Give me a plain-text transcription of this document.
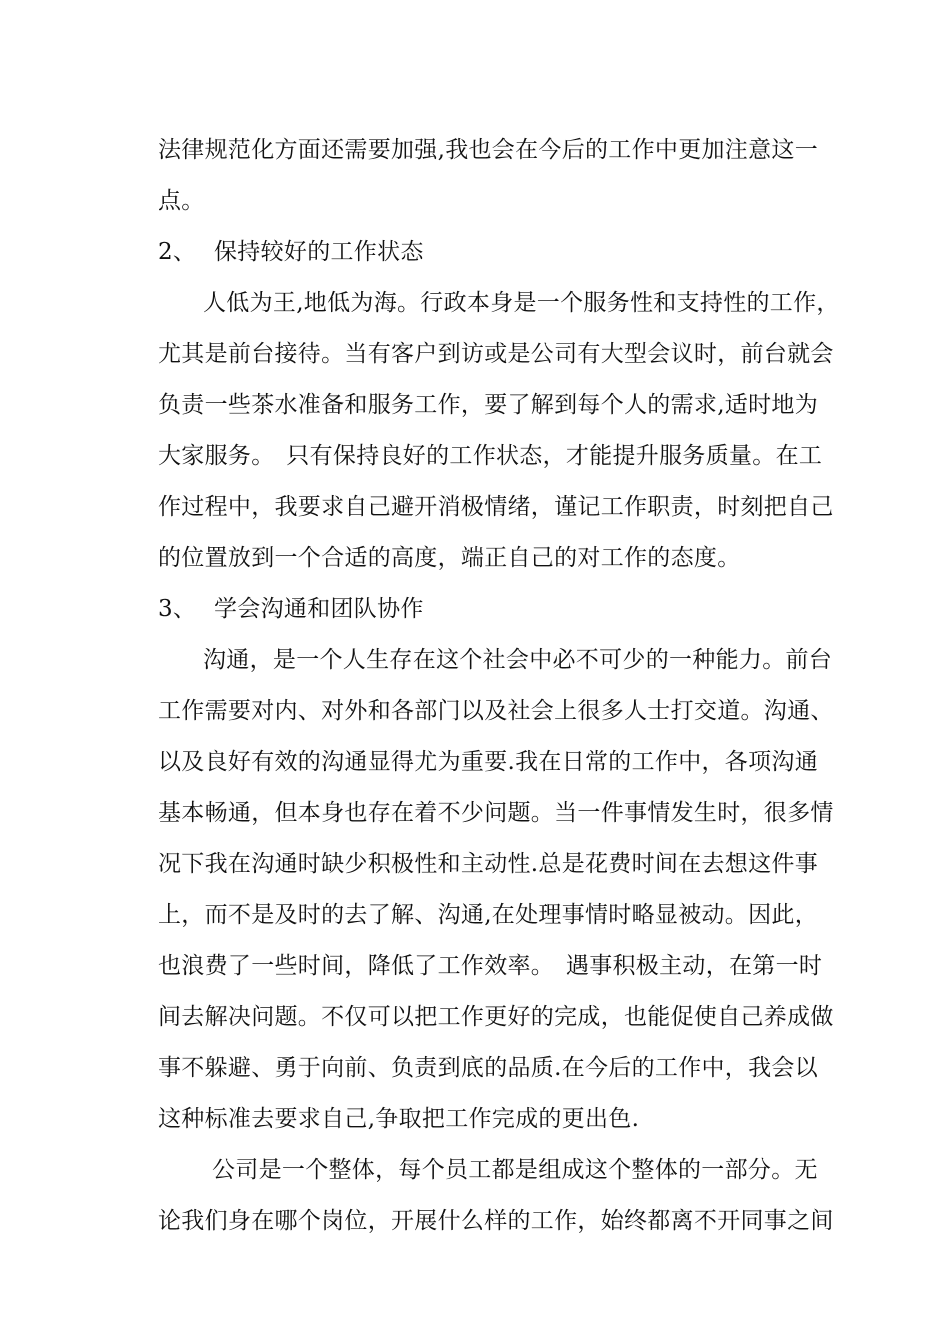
法律规范化方面还需要加强,我也会在今后的工作中更加注意这一
点。
2、 保持较好的工作状态
人低为王,地低为海。行政本身是一个服务性和支持性的工作，
尤其是前台接待。当有客户到访或是公司有大型会议时，前台就会
负责一些茶水准备和服务工作，要了解到每个人的需求,适时地为
大家服务。　只有保持良好的工作状态，才能提升服务质量。在工
作过程中，我要求自己避开消极情绪，谨记工作职责，时刻把自己
的位置放到一个合适的高度，端正自己的对工作的态度。
3、 学会沟通和团队协作
沟通，是一个人生存在这个社会中必不可少的一种能力。前台
工作需要对内、对外和各部门以及社会上很多人士打交道。沟通、
以及良好有效的沟通显得尤为重要.我在日常的工作中，各项沟通
基本畅通，但本身也存在着不少问题。当一件事情发生时，很多情
况下我在沟通时缺少积极性和主动性.总是花费时间在去想这件事
上，而不是及时的去了解、沟通,在处理事情时略显被动。因此，
也浪费了一些时间，降低了工作效率。　遇事积极主动，在第一时
间去解决问题。不仅可以把工作更好的完成，也能促使自己养成做
事不躲避、勇于向前、负责到底的品质.在今后的工作中，我会以
这种标准去要求自己,争取把工作完成的更出色.
公司是一个整体，每个员工都是组成这个整体的一部分。无
论我们身在哪个岗位，开展什么样的工作，始终都离不开同事之间
